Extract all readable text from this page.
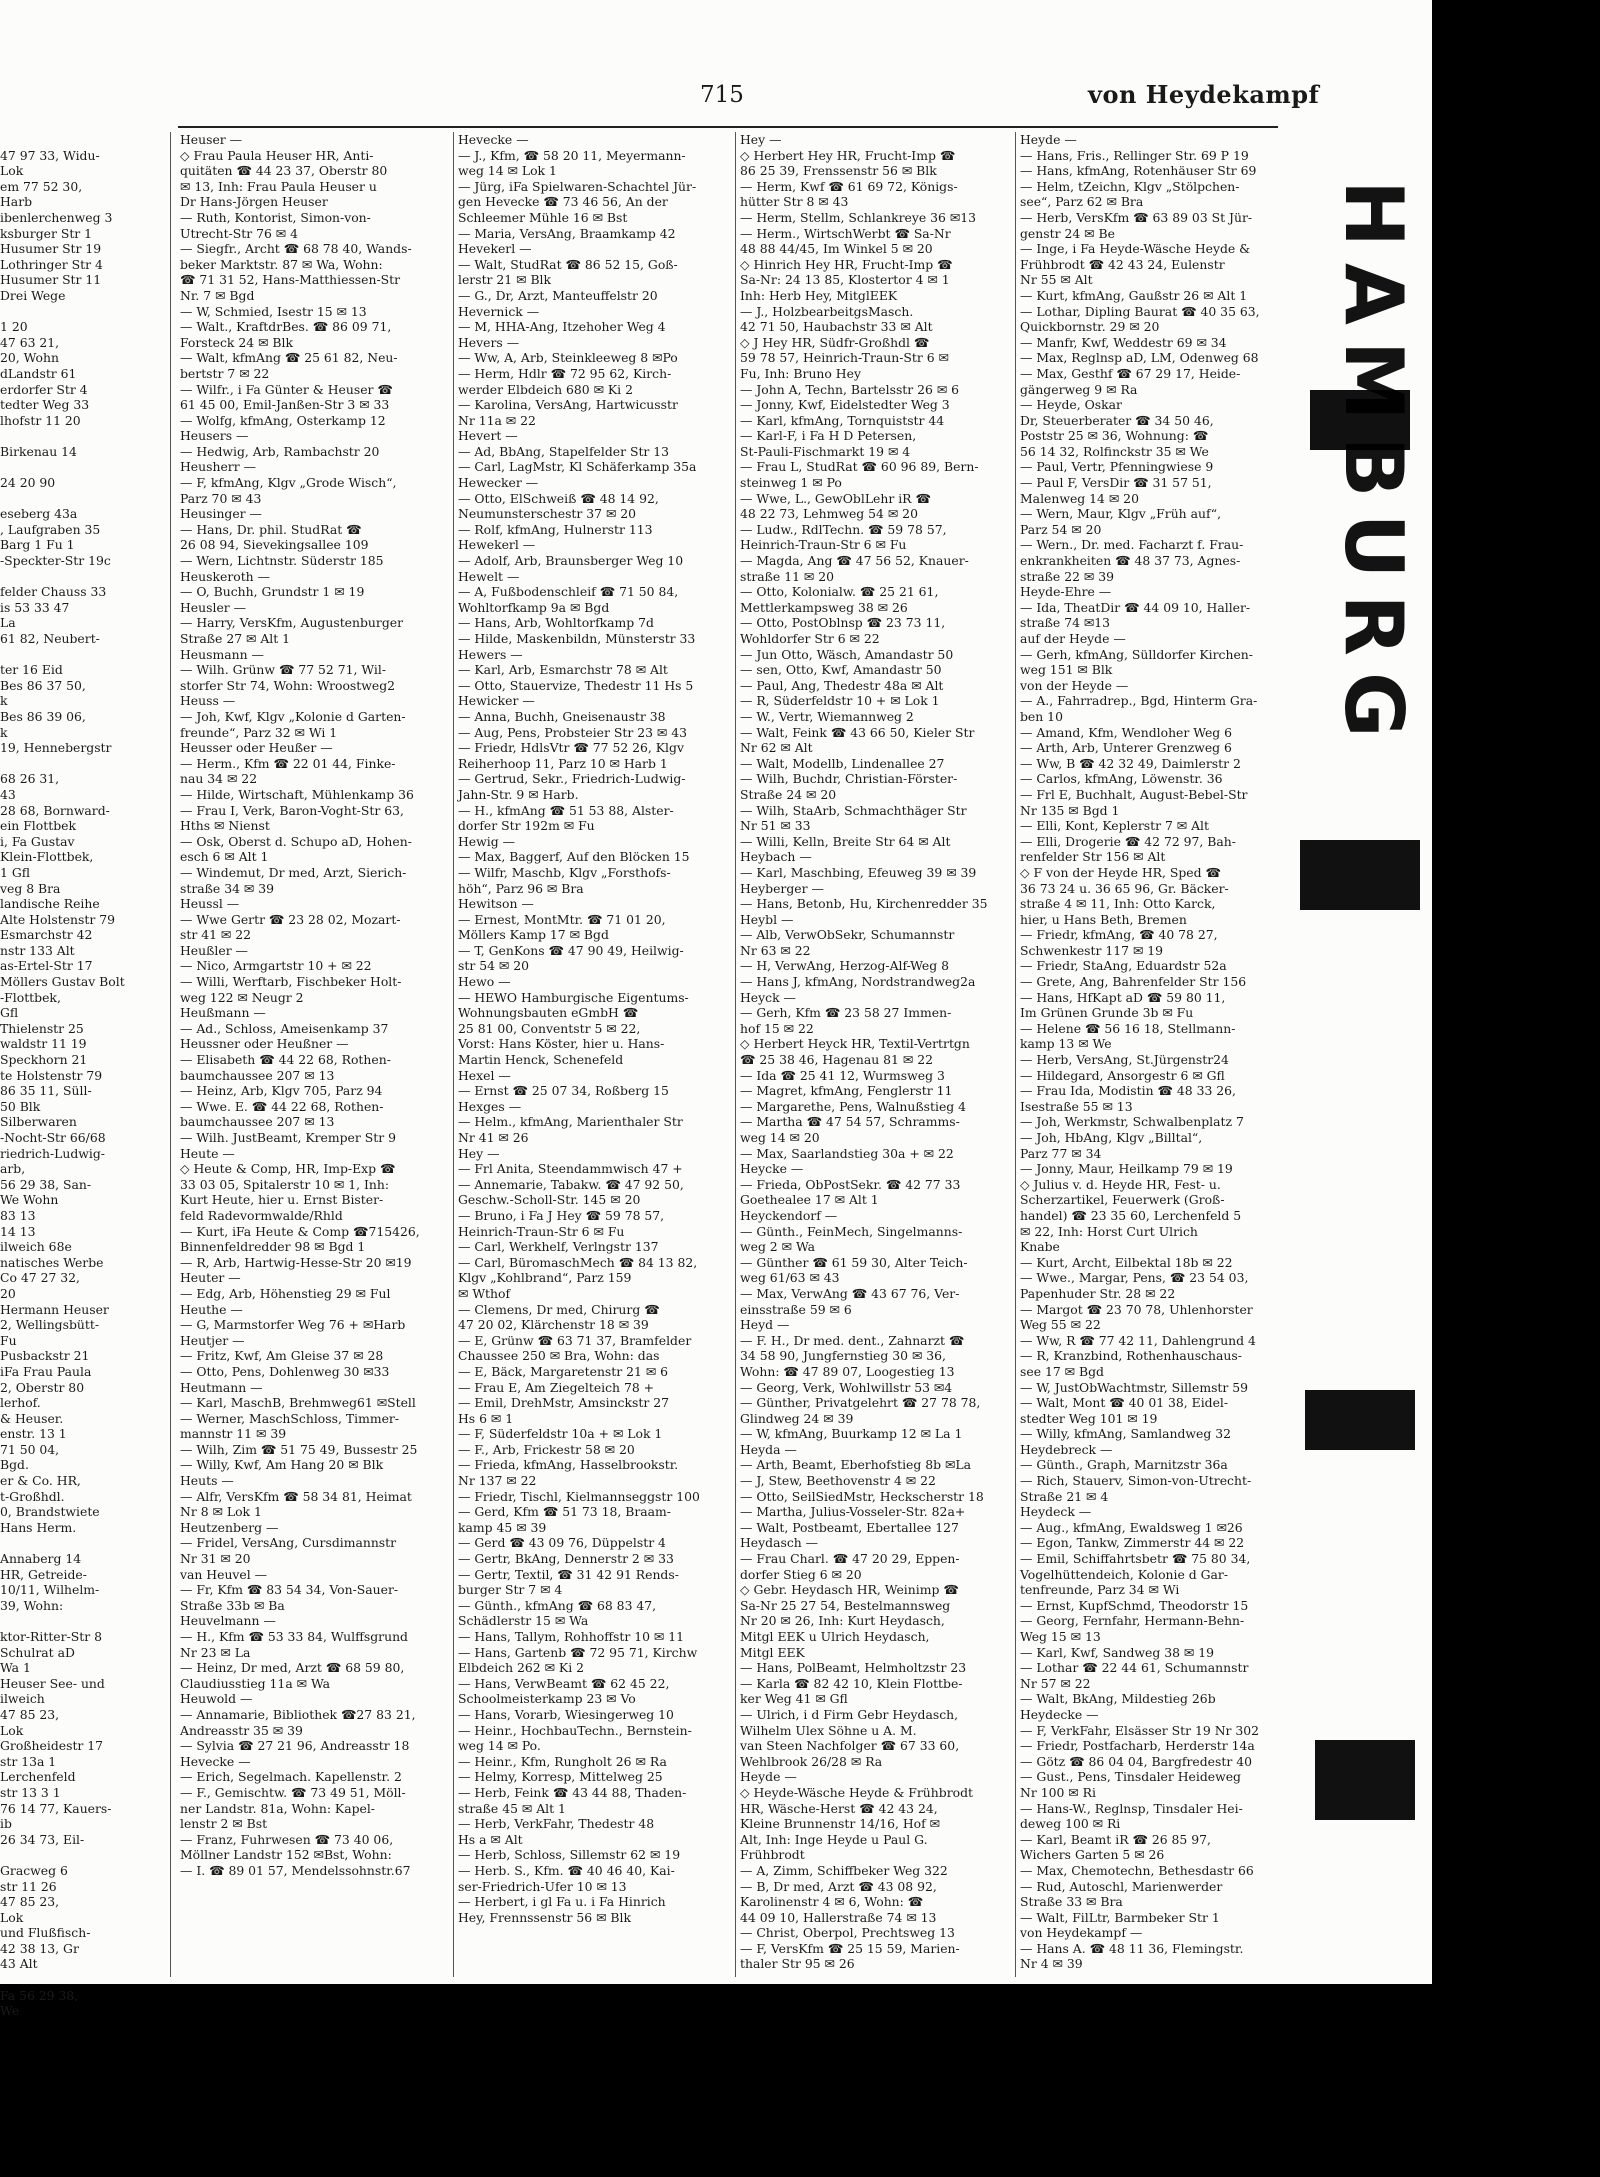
715	von Heydekampf
47 97 33, Widu-
Lok
em 77 52 30,
Harb
ibenlerchenweg 3
ksburger Str 1
Husumer Str 19
Lothringer Str 4
Husumer Str 11
Drei Wege
1 20
47 63 21,
20, Wohn
dLandstr 61
erdorfer Str 4
tedter Weg 33
lhofstr 11 20
Birkenau 14
24 20 90
eseberg 43a
, Laufgraben 35
Barg 1 Fu 1
-Speckter-Str 19c
felder Chauss 33
is 53 33 47
La
61 82, Neubert-
ter 16 Eid
Bes 86 37 50,
k
Bes 86 39 06,
k
19, Hennebergstr
68 26 31,
43
28 68, Bornward-
ein Flottbek
i, Fa Gustav
Klein-Flottbek,
1 Gfl
veg 8 Bra
landische Reihe
Alte Holstenstr 79
Esmarchstr 42
nstr 133 Alt
as-Ertel-Str 17
Möllers Gustav Bolt
-Flottbek,
Gfl
Thielenstr 25
waldstr 11 19
Speckhorn 21
te Holstenstr 79
86 35 11, Süll-
50 Blk
Silberwaren
-Nocht-Str 66/68
riedrich-Ludwig-
arb,
56 29 38, San-
We Wohn
83 13
14 13
ilweich 68e
natisches Werbe
Co 47 27 32,
20
Hermann Heuser
2, Wellingsbütt-
Fu
Pusbackstr 21
iFa Frau Paula
2, Oberstr 80
lerhof.
& Heuser.
enstr. 13 1
71 50 04,
Bgd.
er & Co. HR,
t-Großhdl.
0, Brandstwiete
Hans Herm.
Annaberg 14
HR, Getreide-
10/11, Wilhelm-
39, Wohn:
ktor-Ritter-Str 8
Schulrat aD
Wa 1
Heuser See- und
ilweich
47 85 23,
Lok
Großheidestr 17
str 13a 1
Lerchenfeld
str 13 3 1
76 14 77, Kauers-
ib
26 34 73, Eil-
Gracweg 6
str 11 26
47 85 23,
Lok
und Flußfisch-
42 38 13, Gr
43 Alt
Fa 56 29 38,
We
Heuser —
◇ Frau Paula Heuser HR, Anti-
quitäten ☎ 44 23 37, Oberstr 80
✉ 13, Inh: Frau Paula Heuser u
Dr Hans-Jörgen Heuser
— Ruth, Kontorist, Simon-von-
Utrecht-Str 76 ✉ 4
— Siegfr., Archt ☎ 68 78 40, Wands-
beker Marktstr. 87 ✉ Wa, Wohn:
☎ 71 31 52, Hans-Matthiessen-Str
Nr. 7 ✉ Bgd
— W, Schmied, Isestr 15 ✉ 13
— Walt., KraftdrBes. ☎ 86 09 71,
Forsteck 24 ✉ Blk
— Walt, kfmAng ☎ 25 61 82, Neu-
bertstr 7 ✉ 22
— Wilfr., i Fa Günter & Heuser ☎
61 45 00, Emil-Janßen-Str 3 ✉ 33
— Wolfg, kfmAng, Osterkamp 12
Heusers —
— Hedwig, Arb, Rambachstr 20
Heusherr —
— F, kfmAng, Klgv „Grode Wisch“,
Parz 70 ✉ 43
Heusinger —
— Hans, Dr. phil. StudRat ☎
26 08 94, Sievekingsallee 109
— Wern, Lichtnstr. Süderstr 185
Heuskeroth —
— O, Buchh, Grundstr 1 ✉ 19
Heusler —
— Harry, VersKfm, Augustenburger
Straße 27 ✉ Alt 1
Heusmann —
— Wilh. Grünw ☎ 77 52 71, Wil-
storfer Str 74, Wohn: Wroostweg2
Heuss —
— Joh, Kwf, Klgv „Kolonie d Garten-
freunde“, Parz 32 ✉ Wi 1
Heusser oder Heußer —
— Herm., Kfm ☎ 22 01 44, Finke-
nau 34 ✉ 22
— Hilde, Wirtschaft, Mühlenkamp 36
— Frau I, Verk, Baron-Voght-Str 63,
Hths ✉ Nienst
— Osk, Oberst d. Schupo aD, Hohen-
esch 6 ✉ Alt 1
— Windemut, Dr med, Arzt, Sierich-
straße 34 ✉ 39
Heussl —
— Wwe Gertr ☎ 23 28 02, Mozart-
str 41 ✉ 22
Heußler —
— Nico, Armgartstr 10 + ✉ 22
— Willi, Werftarb, Fischbeker Holt-
weg 122 ✉ Neugr 2
Heußmann —
— Ad., Schloss, Ameisenkamp 37
Heussner oder Heußner —
— Elisabeth ☎ 44 22 68, Rothen-
baumchaussee 207 ✉ 13
— Heinz, Arb, Klgv 705, Parz 94
— Wwe. E. ☎ 44 22 68, Rothen-
baumchaussee 207 ✉ 13
— Wilh. JustBeamt, Kremper Str 9
Heute —
◇ Heute & Comp, HR, Imp-Exp ☎
33 03 05, Spitalerstr 10 ✉ 1, Inh:
Kurt Heute, hier u. Ernst Bister-
feld Radevormwalde/Rhld
— Kurt, iFa Heute & Comp ☎715426,
Binnenfeldredder 98 ✉ Bgd 1
— R, Arb, Hartwig-Hesse-Str 20 ✉19
Heuter —
— Edg, Arb, Höhenstieg 29 ✉ Ful
Heuthe —
— G, Marmstorfer Weg 76 + ✉Harb
Heutjer —
— Fritz, Kwf, Am Gleise 37 ✉ 28
— Otto, Pens, Dohlenweg 30 ✉33
Heutmann —
— Karl, MaschB, Brehmweg61 ✉Stell
— Werner, MaschSchloss, Timmer-
mannstr 11 ✉ 39
— Wilh, Zim ☎ 51 75 49, Bussestr 25
— Willy, Kwf, Am Hang 20 ✉ Blk
Heuts —
— Alfr, VersKfm ☎ 58 34 81, Heimat
Nr 8 ✉ Lok 1
Heutzenberg —
— Fridel, VersAng, Cursdimannstr
Nr 31 ✉ 20
van Heuvel —
— Fr, Kfm ☎ 83 54 34, Von-Sauer-
Straße 33b ✉ Ba
Heuvelmann —
— H., Kfm ☎ 53 33 84, Wulffsgrund
Nr 23 ✉ La
— Heinz, Dr med, Arzt ☎ 68 59 80,
Claudiusstieg 11a ✉ Wa
Heuwold —
— Annamarie, Bibliothek ☎27 83 21,
Andreasstr 35 ✉ 39
— Sylvia ☎ 27 21 96, Andreasstr 18
Hevecke —
— Erich, Segelmach. Kapellenstr. 2
— F., Gemischtw. ☎ 73 49 51, Möll-
ner Landstr. 81a, Wohn: Kapel-
lenstr 2 ✉ Bst
— Franz, Fuhrwesen ☎ 73 40 06,
Möllner Landstr 152 ✉Bst, Wohn:
— I. ☎ 89 01 57, Mendelssohnstr.67
Hevecke —
— J., Kfm, ☎ 58 20 11, Meyermann-
weg 14 ✉ Lok 1
— Jürg, iFa Spielwaren-Schachtel Jür-
gen Hevecke ☎ 73 46 56, An der
Schleemer Mühle 16 ✉ Bst
— Maria, VersAng, Braamkamp 42
Hevekerl —
— Walt, StudRat ☎ 86 52 15, Goß-
lerstr 21 ✉ Blk
— G., Dr, Arzt, Manteuffelstr 20
Hevernick —
— M, HHA-Ang, Itzehoher Weg 4
Hevers —
— Ww, A, Arb, Steinkleeweg 8 ✉Po
— Herm, Hdlr ☎ 72 95 62, Kirch-
werder Elbdeich 680 ✉ Ki 2
— Karolina, VersAng, Hartwicusstr
Nr 11a ✉ 22
Hevert —
— Ad, BbAng, Stapelfelder Str 13
— Carl, LagMstr, Kl Schäferkamp 35a
Hewecker —
— Otto, ElSchweiß ☎ 48 14 92,
Neumunsterschestr 37 ✉ 20
— Rolf, kfmAng, Hulnerstr 113
Hewekerl —
— Adolf, Arb, Braunsberger Weg 10
Hewelt —
— A, Fußbodenschleif ☎ 71 50 84,
Wohltorfkamp 9a ✉ Bgd
— Hans, Arb, Wohltorfkamp 7d
— Hilde, Maskenbildn, Münsterstr 33
Hewers —
— Karl, Arb, Esmarchstr 78 ✉ Alt
— Otto, Stauervize, Thedestr 11 Hs 5
Hewicker —
— Anna, Buchh, Gneisenaustr 38
— Aug, Pens, Probsteier Str 23 ✉ 43
— Friedr, HdlsVtr ☎ 77 52 26, Klgv
Reiherhoop 11, Parz 10 ✉ Harb 1
— Gertrud, Sekr., Friedrich-Ludwig-
Jahn-Str. 9 ✉ Harb.
— H., kfmAng ☎ 51 53 88, Alster-
dorfer Str 192m ✉ Fu
Hewig —
— Max, Baggerf, Auf den Blöcken 15
— Wilfr, Maschb, Klgv „Forsthofs-
höh“, Parz 96 ✉ Bra
Hewitson —
— Ernest, MontMtr. ☎ 71 01 20,
Möllers Kamp 17 ✉ Bgd
— T, GenKons ☎ 47 90 49, Heilwig-
str 54 ✉ 20
Hewo —
— HEWO Hamburgische Eigentums-
Wohnungsbauten eGmbH ☎
25 81 00, Conventstr 5 ✉ 22,
Vorst: Hans Köster, hier u. Hans-
Martin Henck, Schenefeld
Hexel —
— Ernst ☎ 25 07 34, Roßberg 15
Hexges —
— Helm., kfmAng, Marienthaler Str
Nr 41 ✉ 26
Hey —
— Frl Anita, Steendammwisch 47 +
— Annemarie, Tabakw. ☎ 47 92 50,
Geschw.-Scholl-Str. 145 ✉ 20
— Bruno, i Fa J Hey ☎ 59 78 57,
Heinrich-Traun-Str 6 ✉ Fu
— Carl, Werkhelf, Verlngstr 137
— Carl, BüromaschMech ☎ 84 13 82,
Klgv „Kohlbrand“, Parz 159
✉ Wthof
— Clemens, Dr med, Chirurg ☎
47 20 02, Klärchenstr 18 ✉ 39
— E, Grünw ☎ 63 71 37, Bramfelder
Chaussee 250 ✉ Bra, Wohn: das
— E, Bäck, Margaretenstr 21 ✉ 6
— Frau E, Am Ziegelteich 78 +
— Emil, DrehMstr, Amsinckstr 27
Hs 6 ✉ 1
— F, Süderfeldstr 10a + ✉ Lok 1
— F., Arb, Frickestr 58 ✉ 20
— Frieda, kfmAng, Hasselbrookstr.
Nr 137 ✉ 22
— Friedr, Tischl, Kielmannseggstr 100
— Gerd, Kfm ☎ 51 73 18, Braam-
kamp 45 ✉ 39
— Gerd ☎ 43 09 76, Düppelstr 4
— Gertr, BkAng, Dennerstr 2 ✉ 33
— Gertr, Textil, ☎ 31 42 91 Rends-
burger Str 7 ✉ 4
— Günth., kfmAng ☎ 68 83 47,
Schädlerstr 15 ✉ Wa
— Hans, Tallym, Rohhoffstr 10 ✉ 11
— Hans, Gartenb ☎ 72 95 71, Kirchw
Elbdeich 262 ✉ Ki 2
— Hans, VerwBeamt ☎ 62 45 22,
Schoolmeisterkamp 23 ✉ Vo
— Hans, Vorarb, Wiesingerweg 10
— Heinr., HochbauTechn., Bernstein-
weg 14 ✉ Po.
— Heinr., Kfm, Rungholt 26 ✉ Ra
— Helmy, Korresp, Mittelweg 25
— Herb, Feink ☎ 43 44 88, Thaden-
straße 45 ✉ Alt 1
— Herb, VerkFahr, Thedestr 48
Hs a ✉ Alt
— Herb, Schloss, Sillemstr 62 ✉ 19
— Herb. S., Kfm. ☎ 40 46 40, Kai-
ser-Friedrich-Ufer 10 ✉ 13
— Herbert, i gl Fa u. i Fa Hinrich
Hey, Frennssenstr 56 ✉ Blk
Hey —
◇ Herbert Hey HR, Frucht-Imp ☎
86 25 39, Frenssenstr 56 ✉ Blk
— Herm, Kwf ☎ 61 69 72, Königs-
hütter Str 8 ✉ 43
— Herm, Stellm, Schlankreye 36 ✉13
— Herm., WirtschWerbt ☎ Sa-Nr
48 88 44/45, Im Winkel 5 ✉ 20
◇ Hinrich Hey HR, Frucht-Imp ☎
Sa-Nr: 24 13 85, Klostertor 4 ✉ 1
Inh: Herb Hey, MitglEEK
— J., HolzbearbeitgsMasch.
42 71 50, Haubachstr 33 ✉ Alt
◇ J Hey HR, Südfr-Großhdl ☎
59 78 57, Heinrich-Traun-Str 6 ✉
Fu, Inh: Bruno Hey
— John A, Techn, Bartelsstr 26 ✉ 6
— Jonny, Kwf, Eidelstedter Weg 3
— Karl, kfmAng, Tornquiststr 44
— Karl-F, i Fa H D Petersen,
St-Pauli-Fischmarkt 19 ✉ 4
— Frau L, StudRat ☎ 60 96 89, Bern-
steinweg 1 ✉ Po
— Wwe, L., GewOblLehr iR ☎
48 22 73, Lehmweg 54 ✉ 20
— Ludw., RdlTechn. ☎ 59 78 57,
Heinrich-Traun-Str 6 ✉ Fu
— Magda, Ang ☎ 47 56 52, Knauer-
straße 11 ✉ 20
— Otto, Kolonialw. ☎ 25 21 61,
Mettlerkampsweg 38 ✉ 26
— Otto, PostOblnsp ☎ 23 73 11,
Wohldorfer Str 6 ✉ 22
— Jun Otto, Wäsch, Amandastr 50
— sen, Otto, Kwf, Amandastr 50
— Paul, Ang, Thedestr 48a ✉ Alt
— R, Süderfeldstr 10 + ✉ Lok 1
— W., Vertr, Wiemannweg 2
— Walt, Feink ☎ 43 66 50, Kieler Str
Nr 62 ✉ Alt
— Walt, Modellb, Lindenallee 27
— Wilh, Buchdr, Christian-Förster-
Straße 24 ✉ 20
— Wilh, StaArb, Schmachthäger Str
Nr 51 ✉ 33
— Willi, Kelln, Breite Str 64 ✉ Alt
Heybach —
— Karl, Maschbing, Efeuweg 39 ✉ 39
Heyberger —
— Hans, Betonb, Hu, Kirchenredder 35
Heybl —
— Alb, VerwObSekr, Schumannstr
Nr 63 ✉ 22
— H, VerwAng, Herzog-Alf-Weg 8
— Hans J, kfmAng, Nordstrandweg2a
Heyck —
— Gerh, Kfm ☎ 23 58 27 Immen-
hof 15 ✉ 22
◇ Herbert Heyck HR, Textil-Vertrtgn
☎ 25 38 46, Hagenau 81 ✉ 22
— Ida ☎ 25 41 12, Wurmsweg 3
— Magret, kfmAng, Fenglerstr 11
— Margarethe, Pens, Walnußstieg 4
— Martha ☎ 47 54 57, Schramms-
weg 14 ✉ 20
— Max, Saarlandstieg 30a + ✉ 22
Heycke —
— Frieda, ObPostSekr. ☎ 42 77 33
Goethealee 17 ✉ Alt 1
Heyckendorf —
— Günth., FeinMech, Singelmanns-
weg 2 ✉ Wa
— Günther ☎ 61 59 30, Alter Teich-
weg 61/63 ✉ 43
— Max, VerwAng ☎ 43 67 76, Ver-
einsstraße 59 ✉ 6
Heyd —
— F. H., Dr med. dent., Zahnarzt ☎
34 58 90, Jungfernstieg 30 ✉ 36,
Wohn: ☎ 47 89 07, Loogestieg 13
— Georg, Verk, Wohlwillstr 53 ✉4
— Günther, Privatgelehrt ☎ 27 78 78,
Glindweg 24 ✉ 39
— W, kfmAng, Buurkamp 12 ✉ La 1
Heyda —
— Arth, Beamt, Eberhofstieg 8b ✉La
— J, Stew, Beethovenstr 4 ✉ 22
— Otto, SeilSiedMstr, Heckscherstr 18
— Martha, Julius-Vosseler-Str. 82a+
— Walt, Postbeamt, Ebertallee 127
Heydasch —
— Frau Charl. ☎ 47 20 29, Eppen-
dorfer Stieg 6 ✉ 20
◇ Gebr. Heydasch HR, Weinimp ☎
Sa-Nr 25 27 54, Bestelmannsweg
Nr 20 ✉ 26, Inh: Kurt Heydasch,
Mitgl EEK u Ulrich Heydasch,
Mitgl EEK
— Hans, PolBeamt, Helmholtzstr 23
— Karla ☎ 82 42 10, Klein Flottbe-
ker Weg 41 ✉ Gfl
— Ulrich, i d Firm Gebr Heydasch,
Wilhelm Ulex Söhne u A. M.
van Steen Nachfolger ☎ 67 33 60,
Wehlbrook 26/28 ✉ Ra
Heyde —
◇ Heyde-Wäsche Heyde & Frühbrodt
HR, Wäsche-Herst ☎ 42 43 24,
Kleine Brunnenstr 14/16, Hof ✉
Alt, Inh: Inge Heyde u Paul G.
Frühbrodt
— A, Zimm, Schiffbeker Weg 322
— B, Dr med, Arzt ☎ 43 08 92,
Karolinenstr 4 ✉ 6, Wohn: ☎
44 09 10, Hallerstraße 74 ✉ 13
— Christ, Oberpol, Prechtsweg 13
— F, VersKfm ☎ 25 15 59, Marien-
thaler Str 95 ✉ 26
Heyde —
— Hans, Fris., Rellinger Str. 69 P 19
— Hans, kfmAng, Rotenhäuser Str 69
— Helm, tZeichn, Klgv „Stölpchen-
see“, Parz 62 ✉ Bra
— Herb, VersKfm ☎ 63 89 03 St Jür-
genstr 24 ✉ Be
— Inge, i Fa Heyde-Wäsche Heyde &
Frühbrodt ☎ 42 43 24, Eulenstr
Nr 55 ✉ Alt
— Kurt, kfmAng, Gaußstr 26 ✉ Alt 1
— Lothar, Dipling Baurat ☎ 40 35 63,
Quickbornstr. 29 ✉ 20
— Manfr, Kwf, Weddestr 69 ✉ 34
— Max, Reglnsp aD, LM, Odenweg 68
— Max, Gesthf ☎ 67 29 17, Heide-
gängerweg 9 ✉ Ra
— Heyde, Oskar
Dr, Steuerberater ☎ 34 50 46,
Poststr 25 ✉ 36, Wohnung: ☎
56 14 32, Rolfinckstr 35 ✉ We
— Paul, Vertr, Pfenningwiese 9
— Paul F, VersDir ☎ 31 57 51,
Malenweg 14 ✉ 20
— Wern, Maur, Klgv „Früh auf“,
Parz 54 ✉ 20
— Wern., Dr. med. Facharzt f. Frau-
enkrankheiten ☎ 48 37 73, Agnes-
straße 22 ✉ 39
Heyde-Ehre —
— Ida, TheatDir ☎ 44 09 10, Haller-
straße 74 ✉13
auf der Heyde —
— Gerh, kfmAng, Sülldorfer Kirchen-
weg 151 ✉ Blk
von der Heyde —
— A., Fahrradrep., Bgd, Hinterm Gra-
ben 10
— Amand, Kfm, Wendloher Weg 6
— Arth, Arb, Unterer Grenzweg 6
— Ww, B ☎ 42 32 49, Daimlerstr 2
— Carlos, kfmAng, Löwenstr. 36
— Frl E, Buchhalt, August-Bebel-Str
Nr 135 ✉ Bgd 1
— Elli, Kont, Keplerstr 7 ✉ Alt
— Elli, Drogerie ☎ 42 72 97, Bah-
renfelder Str 156 ✉ Alt
◇ F von der Heyde HR, Sped ☎
36 73 24 u. 36 65 96, Gr. Bäcker-
straße 4 ✉ 11, Inh: Otto Karck,
hier, u Hans Beth, Bremen
— Friedr, kfmAng, ☎ 40 78 27,
Schwenkestr 117 ✉ 19
— Friedr, StaAng, Eduardstr 52a
— Grete, Ang, Bahrenfelder Str 156
— Hans, HfKapt aD ☎ 59 80 11,
Im Grünen Grunde 3b ✉ Fu
— Helene ☎ 56 16 18, Stellmann-
kamp 13 ✉ We
— Herb, VersAng, St.Jürgenstr24
— Hildegard, Ansorgestr 6 ✉ Gfl
— Frau Ida, Modistin ☎ 48 33 26,
Isestraße 55 ✉ 13
— Joh, Werkmstr, Schwalbenplatz 7
— Joh, HbAng, Klgv „Billtal“,
Parz 77 ✉ 34
— Jonny, Maur, Heilkamp 79 ✉ 19
◇ Julius v. d. Heyde HR, Fest- u.
Scherzartikel, Feuerwerk (Groß-
handel) ☎ 23 35 60, Lerchenfeld 5
✉ 22, Inh: Horst Curt Ulrich
Knabe
— Kurt, Archt, Eilbektal 18b ✉ 22
— Wwe., Margar, Pens, ☎ 23 54 03,
Papenhuder Str. 28 ✉ 22
— Margot ☎ 23 70 78, Uhlenhorster
Weg 55 ✉ 22
— Ww, R ☎ 77 42 11, Dahlengrund 4
— R, Kranzbind, Rothenhauschaus-
see 17 ✉ Bgd
— W, JustObWachtmstr, Sillemstr 59
— Walt, Mont ☎ 40 01 38, Eidel-
stedter Weg 101 ✉ 19
— Willy, kfmAng, Samlandweg 32
Heydebreck —
— Günth., Graph, Marnitzstr 36a
— Rich, Stauerv, Simon-von-Utrecht-
Straße 21 ✉ 4
Heydeck —
— Aug., kfmAng, Ewaldsweg 1 ✉26
— Egon, Tankw, Zimmerstr 44 ✉ 22
— Emil, Schiffahrtsbetr ☎ 75 80 34,
Vogelhüttendeich, Kolonie d Gar-
tenfreunde, Parz 34 ✉ Wi
— Ernst, KupfSchmd, Theodorstr 15
— Georg, Fernfahr, Hermann-Behn-
Weg 15 ✉ 13
— Karl, Kwf, Sandweg 38 ✉ 19
— Lothar ☎ 22 44 61, Schumannstr
Nr 57 ✉ 22
— Walt, BkAng, Mildestieg 26b
Heydecke —
— F, VerkFahr, Elsässer Str 19 Nr 302
— Friedr, Postfacharb, Herderstr 14a
— Götz ☎ 86 04 04, Bargfredestr 40
— Gust., Pens, Tinsdaler Heideweg
Nr 100 ✉ Ri
— Hans-W., Reglnsp, Tinsdaler Hei-
deweg 100 ✉ Ri
— Karl, Beamt iR ☎ 26 85 97,
Wichers Garten 5 ✉ 26
— Max, Chemotechn, Bethesdastr 66
— Rud, Autoschl, Marienwerder
Straße 33 ✉ Bra
— Walt, FilLtr, Barmbeker Str 1
von Heydekampf —
— Hans A. ☎ 48 11 36, Flemingstr.
Nr 4 ✉ 39
HAMBURG
